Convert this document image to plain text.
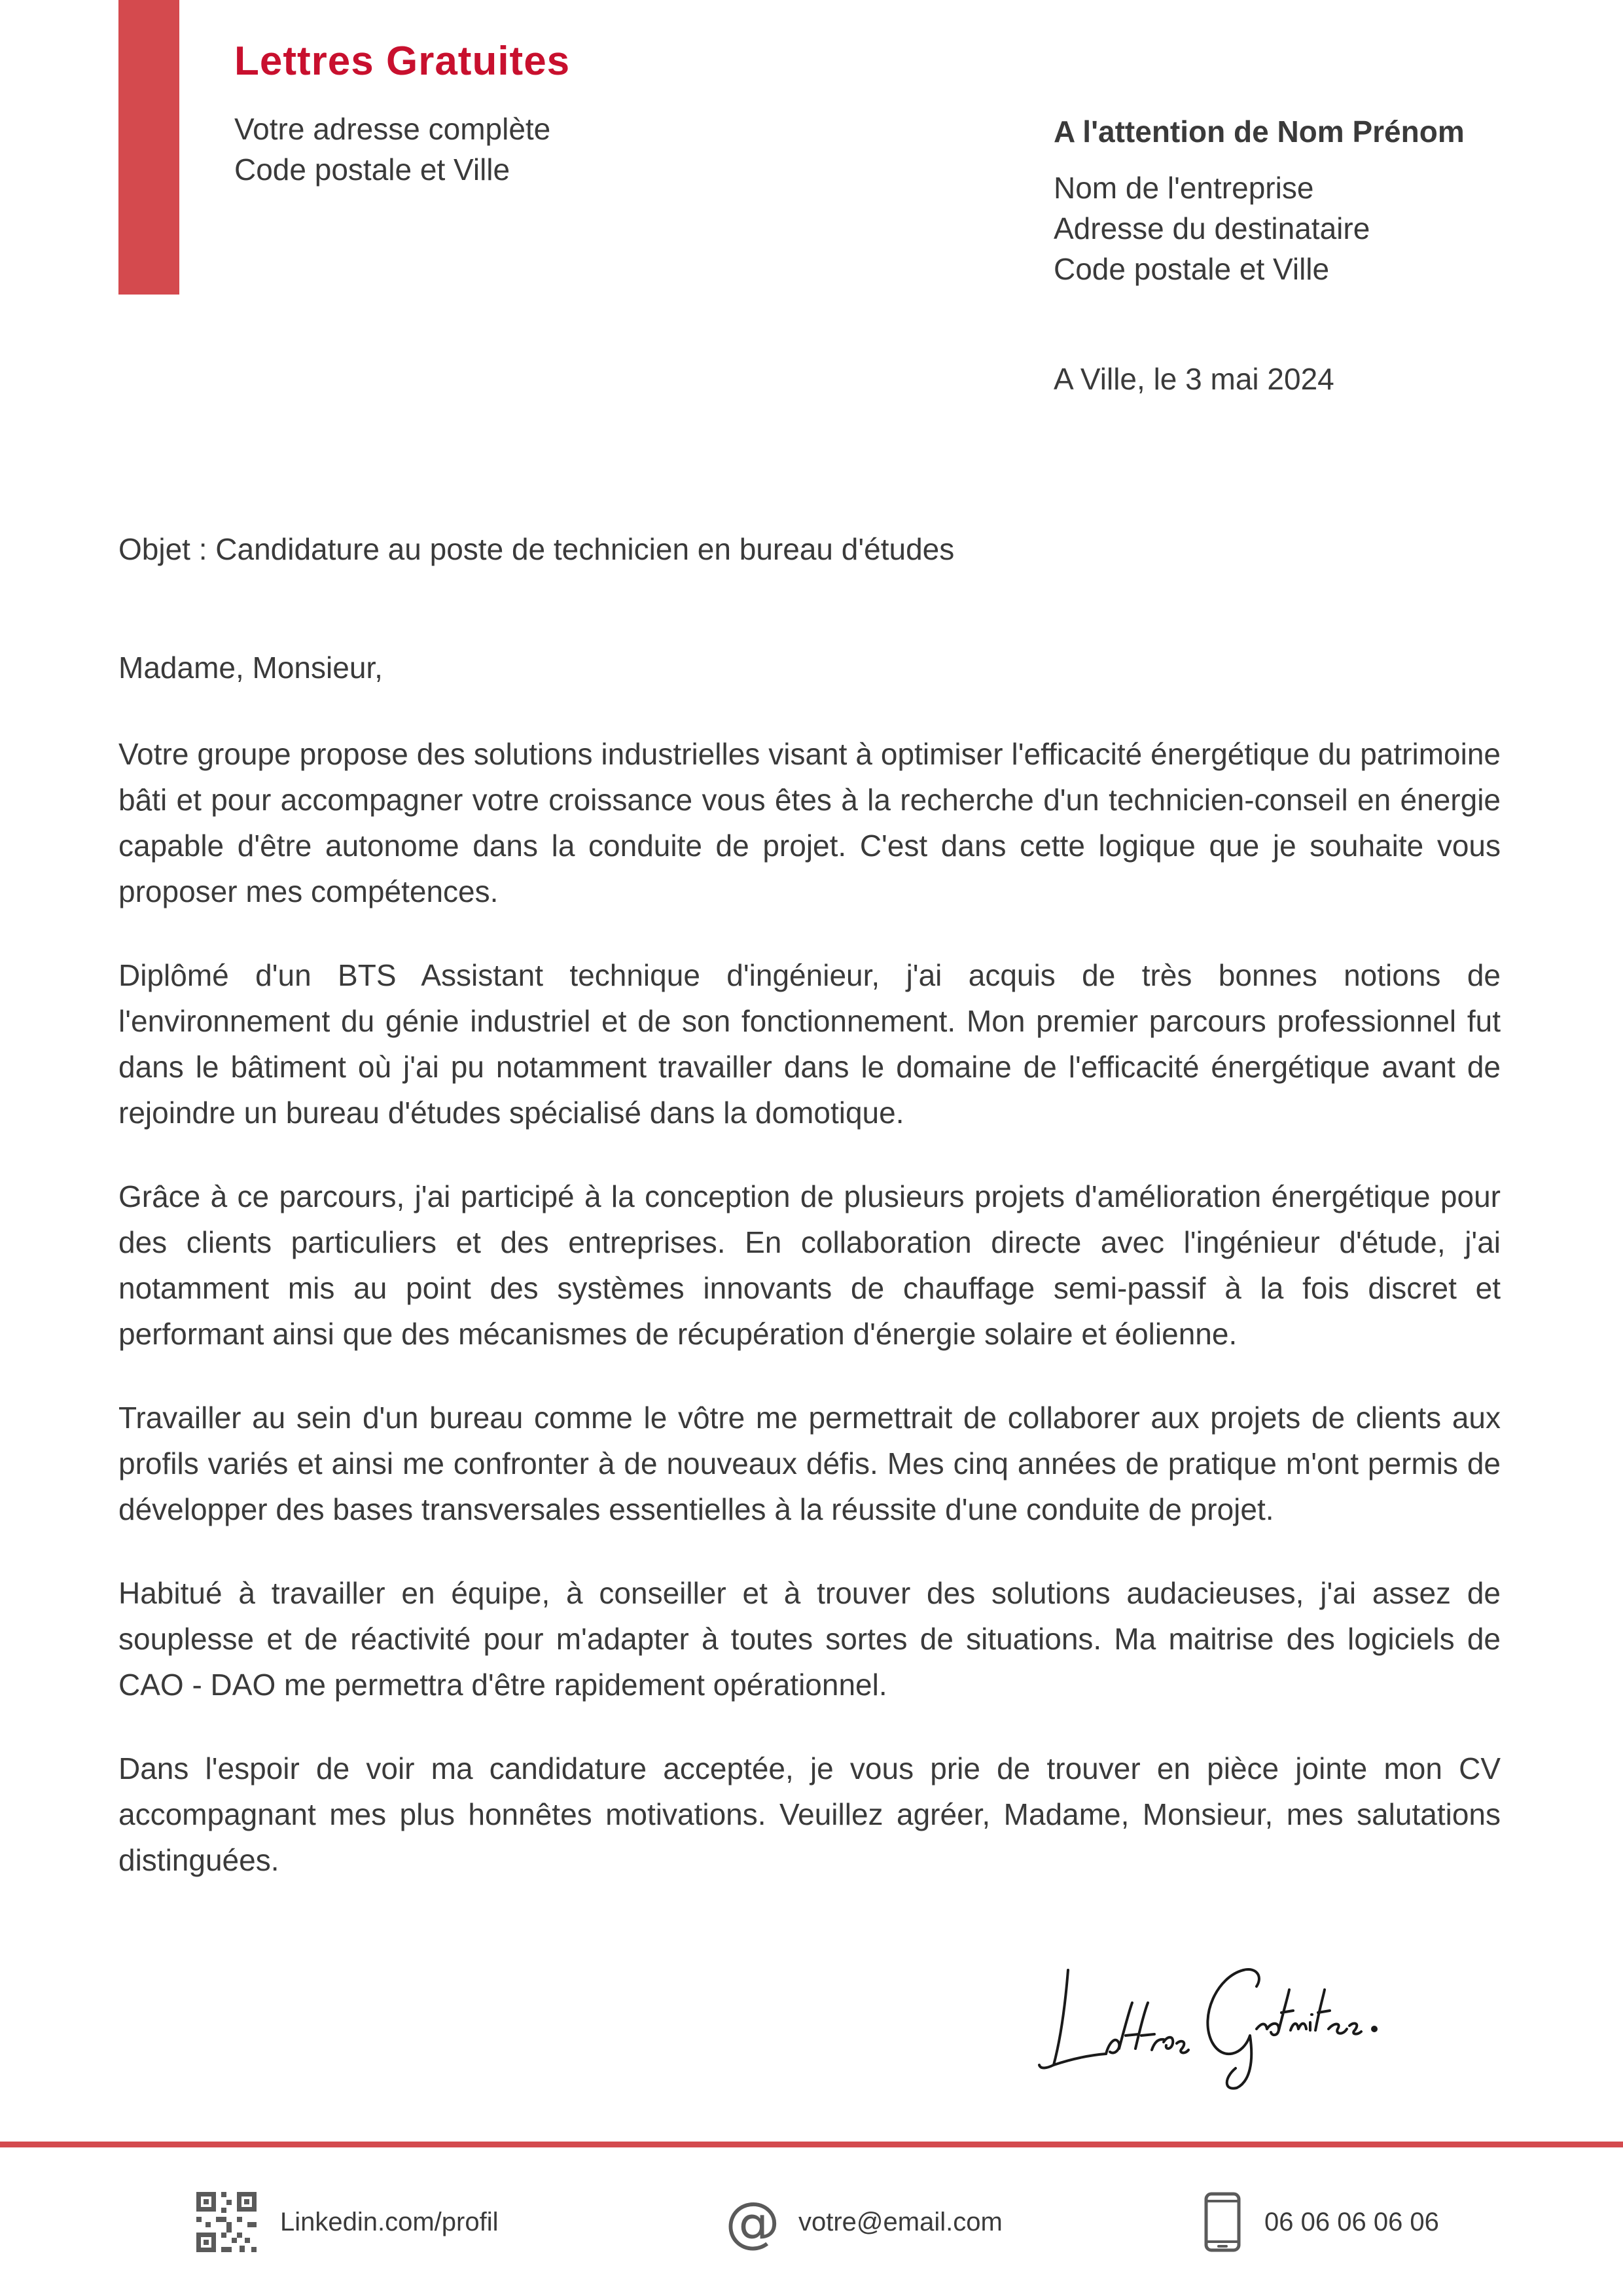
Lettres Gratuites
Votre adresse complète
Code postale et Ville
A l'attention de Nom Prénom
Nom de l'entreprise
Adresse du destinataire
Code postale et Ville
A Ville, le 3 mai 2024
Objet : Candidature au poste de technicien en bureau d'études
Madame, Monsieur,

Votre groupe propose des solutions industrielles visant à optimiser l'efficacité énergétique du patrimoine bâti et pour accompagner votre croissance vous êtes à la recherche d'un technicien-conseil en énergie capable d'être autonome dans la conduite de projet. C'est dans cette logique que je souhaite vous proposer mes compétences.

Diplômé d'un BTS Assistant technique d'ingénieur, j'ai acquis de très bonnes notions de l'environnement du génie industriel et de son fonctionnement. Mon premier parcours professionnel fut dans le bâtiment où j'ai pu notamment travailler dans le domaine de l'efficacité énergétique avant de rejoindre un bureau d'études spécialisé dans la domotique.

Grâce à ce parcours, j'ai participé à la conception de plusieurs projets d'amélioration énergétique pour des clients particuliers et des entreprises. En collaboration directe avec l'ingénieur d'étude, j'ai notamment mis au point des systèmes innovants de chauffage semi-passif à la fois discret et performant ainsi que des mécanismes de récupération d'énergie solaire et éolienne.

Travailler au sein d'un bureau comme le vôtre me permettrait de collaborer aux projets de clients aux profils variés et ainsi me confronter à de nouveaux défis. Mes cinq années de pratique m'ont permis de développer des bases transversales essentielles à la réussite d'une conduite de projet.

Habitué à travailler en équipe, à conseiller et à trouver des solutions audacieuses, j'ai assez de souplesse et de réactivité pour m'adapter à toutes sortes de situations. Ma maitrise des logiciels de CAO - DAO me permettra d'être rapidement opérationnel.

Dans l'espoir de voir ma candidature acceptée, je vous prie de trouver en pièce jointe mon CV accompagnant mes plus honnêtes motivations. Veuillez agréer, Madame, Monsieur, mes salutations distinguées.

Linkedin.com/profil	@ votre@email.com	06 06 06 06 06
